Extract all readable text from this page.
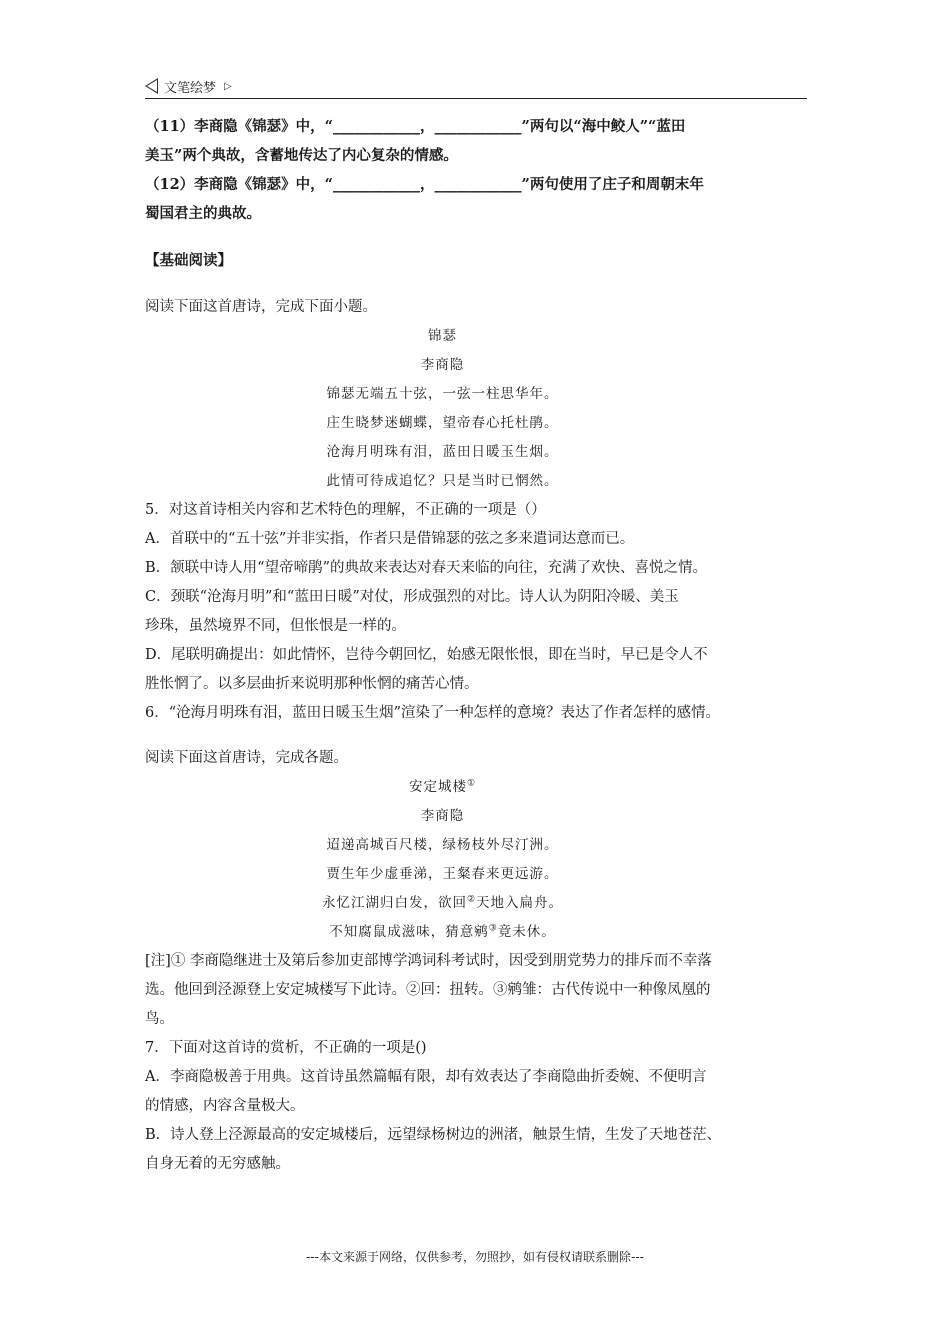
文笔绘梦 ▷
（11）李商隐《锦瑟》中，“____________，____________”两句以“海中鲛人”“蓝田
美玉”两个典故，含蓄地传达了内心复杂的情感。
（12）李商隐《锦瑟》中，“____________，____________”两句使用了庄子和周朝末年
蜀国君主的典故。
【基础阅读】
阅读下面这首唐诗，完成下面小题。
锦瑟
李商隐
锦瑟无端五十弦，一弦一柱思华年。
庄生晓梦迷蝴蝶，望帝春心托杜鹃。
沧海月明珠有泪，蓝田日暖玉生烟。
此情可待成追忆？只是当时已惘然。
5．对这首诗相关内容和艺术特色的理解，不正确的一项是（）
A．首联中的“五十弦”并非实指，作者只是借锦瑟的弦之多来遣词达意而已。
B．颔联中诗人用“望帝啼鹃”的典故来表达对春天来临的向往，充满了欢快、喜悦之情。
C．颈联“沧海月明”和“蓝田日暖”对仗，形成强烈的对比。诗人认为阴阳冷暖、美玉
珍珠，虽然境界不同，但怅恨是一样的。
D．尾联明确提出：如此情怀，岂待今朝回忆，始感无限怅恨，即在当时，早已是令人不
胜怅惘了。以多层曲折来说明那种怅惘的痛苦心情。
6．“沧海月明珠有泪，蓝田日暖玉生烟”渲染了一种怎样的意境？表达了作者怎样的感情。
阅读下面这首唐诗，完成各题。
安定城楼①
李商隐
迢递高城百尺楼，绿杨枝外尽汀洲。
贾生年少虚垂涕，王粲春来更远游。
永忆江湖归白发，欲回②天地入扁舟。
不知腐鼠成滋味，猜意鹓③竟未休。
[注]① 李商隐继进士及第后参加吏部博学鸿词科考试时，因受到朋党势力的排斥而不幸落
选。他回到泾源登上安定城楼写下此诗。②回：扭转。③鹓雏：古代传说中一种像凤凰的
鸟。
7．下面对这首诗的赏析，不正确的一项是()
A．李商隐极善于用典。这首诗虽然篇幅有限，却有效表达了李商隐曲折委婉、不便明言
的情感，内容含量极大。
B．诗人登上泾源最高的安定城楼后，远望绿杨树边的洲渚，触景生情，生发了天地苍茫、
自身无着的无穷感触。
---本文来源于网络，仅供参考，勿照抄，如有侵权请联系删除---
